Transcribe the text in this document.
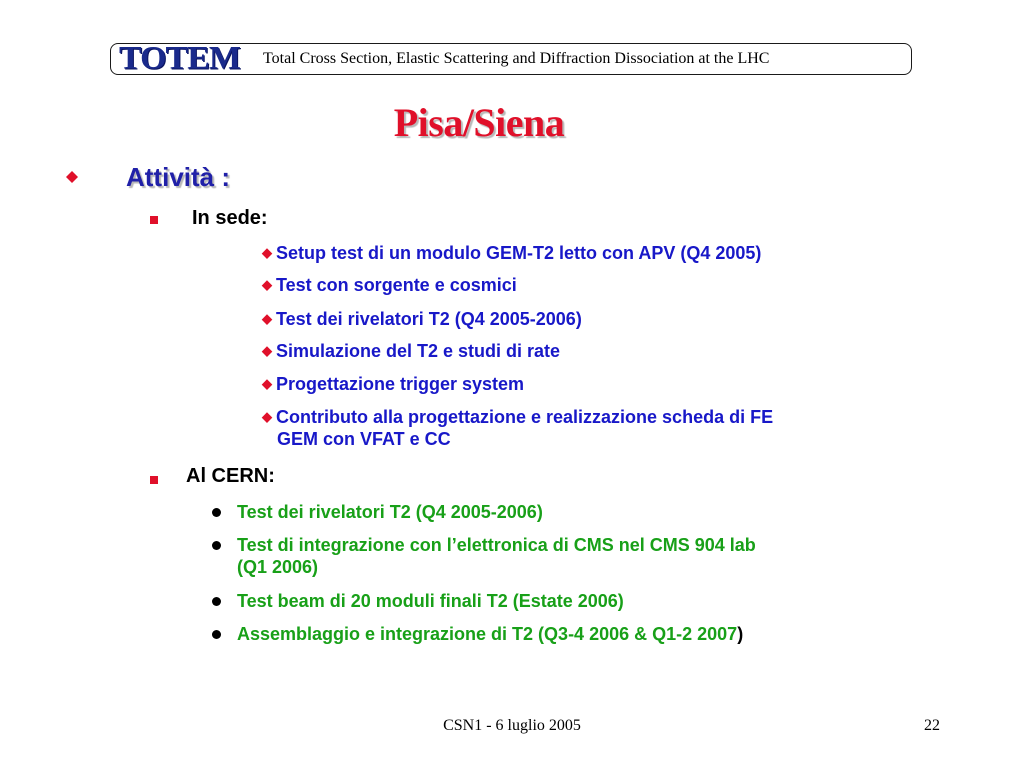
TOTEM Total Cross Section, Elastic Scattering and Diffraction Dissociation at the LHC
Pisa/Siena
Attività :
In sede:
◆ Setup test di un modulo GEM-T2 letto con APV (Q4 2005)
◆ Test con sorgente e cosmici
◆ Test dei rivelatori T2 (Q4 2005-2006)
◆ Simulazione del T2 e studi di rate
◆ Progettazione trigger system
◆ Contributo alla progettazione e realizzazione scheda di FE
GEM con VFAT e CC
Al CERN:
Test dei rivelatori T2 (Q4 2005-2006)
Test di integrazione con l’elettronica di CMS nel CMS 904 lab
(Q1 2006)
Test beam di 20 moduli finali T2 (Estate 2006)
Assemblaggio e integrazione di T2 (Q3-4 2006 & Q1-2 2007)
CSN1 - 6 luglio 2005	22
